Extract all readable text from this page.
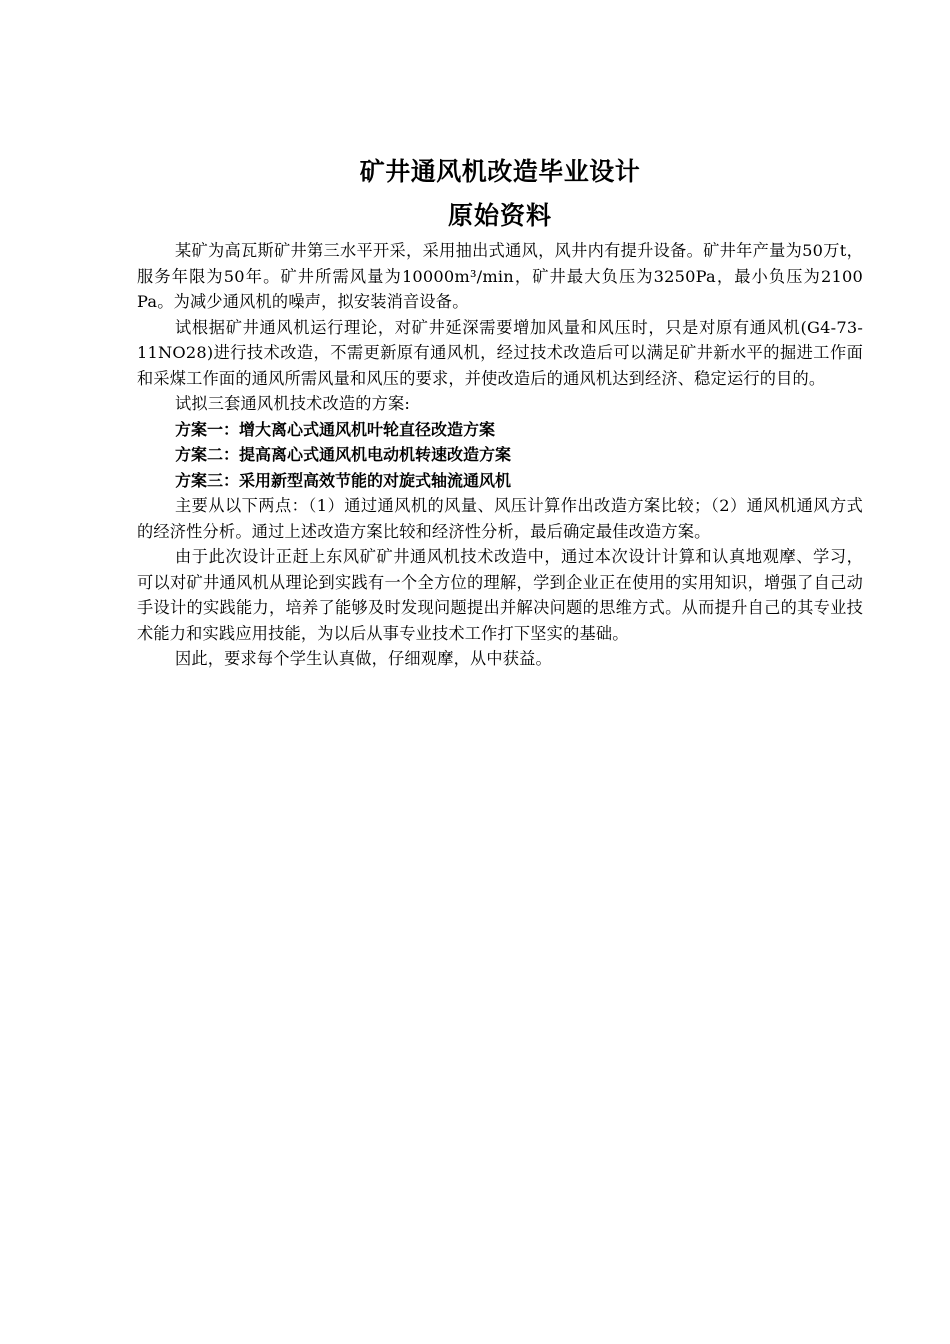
矿井通风机改造毕业设计
原始资料

某矿为高瓦斯矿井第三水平开采，采用抽出式通风，风井内有提升设备。矿井年产量为50万t，服务年限为50年。矿井所需风量为10000m³/min，矿井最大负压为3250Pa，最小负压为2100 Pa。为减少通风机的噪声，拟安装消音设备。

试根据矿井通风机运行理论，对矿井延深需要增加风量和风压时，只是对原有通风机(G4-73-11NO28)进行技术改造，不需更新原有通风机，经过技术改造后可以满足矿井新水平的掘进工作面和采煤工作面的通风所需风量和风压的要求，并使改造后的通风机达到经济、稳定运行的目的。

试拟三套通风机技术改造的方案:

方案一：增大离心式通风机叶轮直径改造方案

方案二：提高离心式通风机电动机转速改造方案

方案三：采用新型高效节能的对旋式轴流通风机

主要从以下两点：（1）通过通风机的风量、风压计算作出改造方案比较；（2）通风机通风方式的经济性分析。通过上述改造方案比较和经济性分析，最后确定最佳改造方案。

由于此次设计正赶上东风矿矿井通风机技术改造中，通过本次设计计算和认真地观摩、学习，可以对矿井通风机从理论到实践有一个全方位的理解，学到企业正在使用的实用知识，增强了自己动手设计的实践能力，培养了能够及时发现问题提出并解决问题的思维方式。从而提升自己的其专业技术能力和实践应用技能，为以后从事专业技术工作打下坚实的基础。

因此，要求每个学生认真做，仔细观摩，从中获益。
